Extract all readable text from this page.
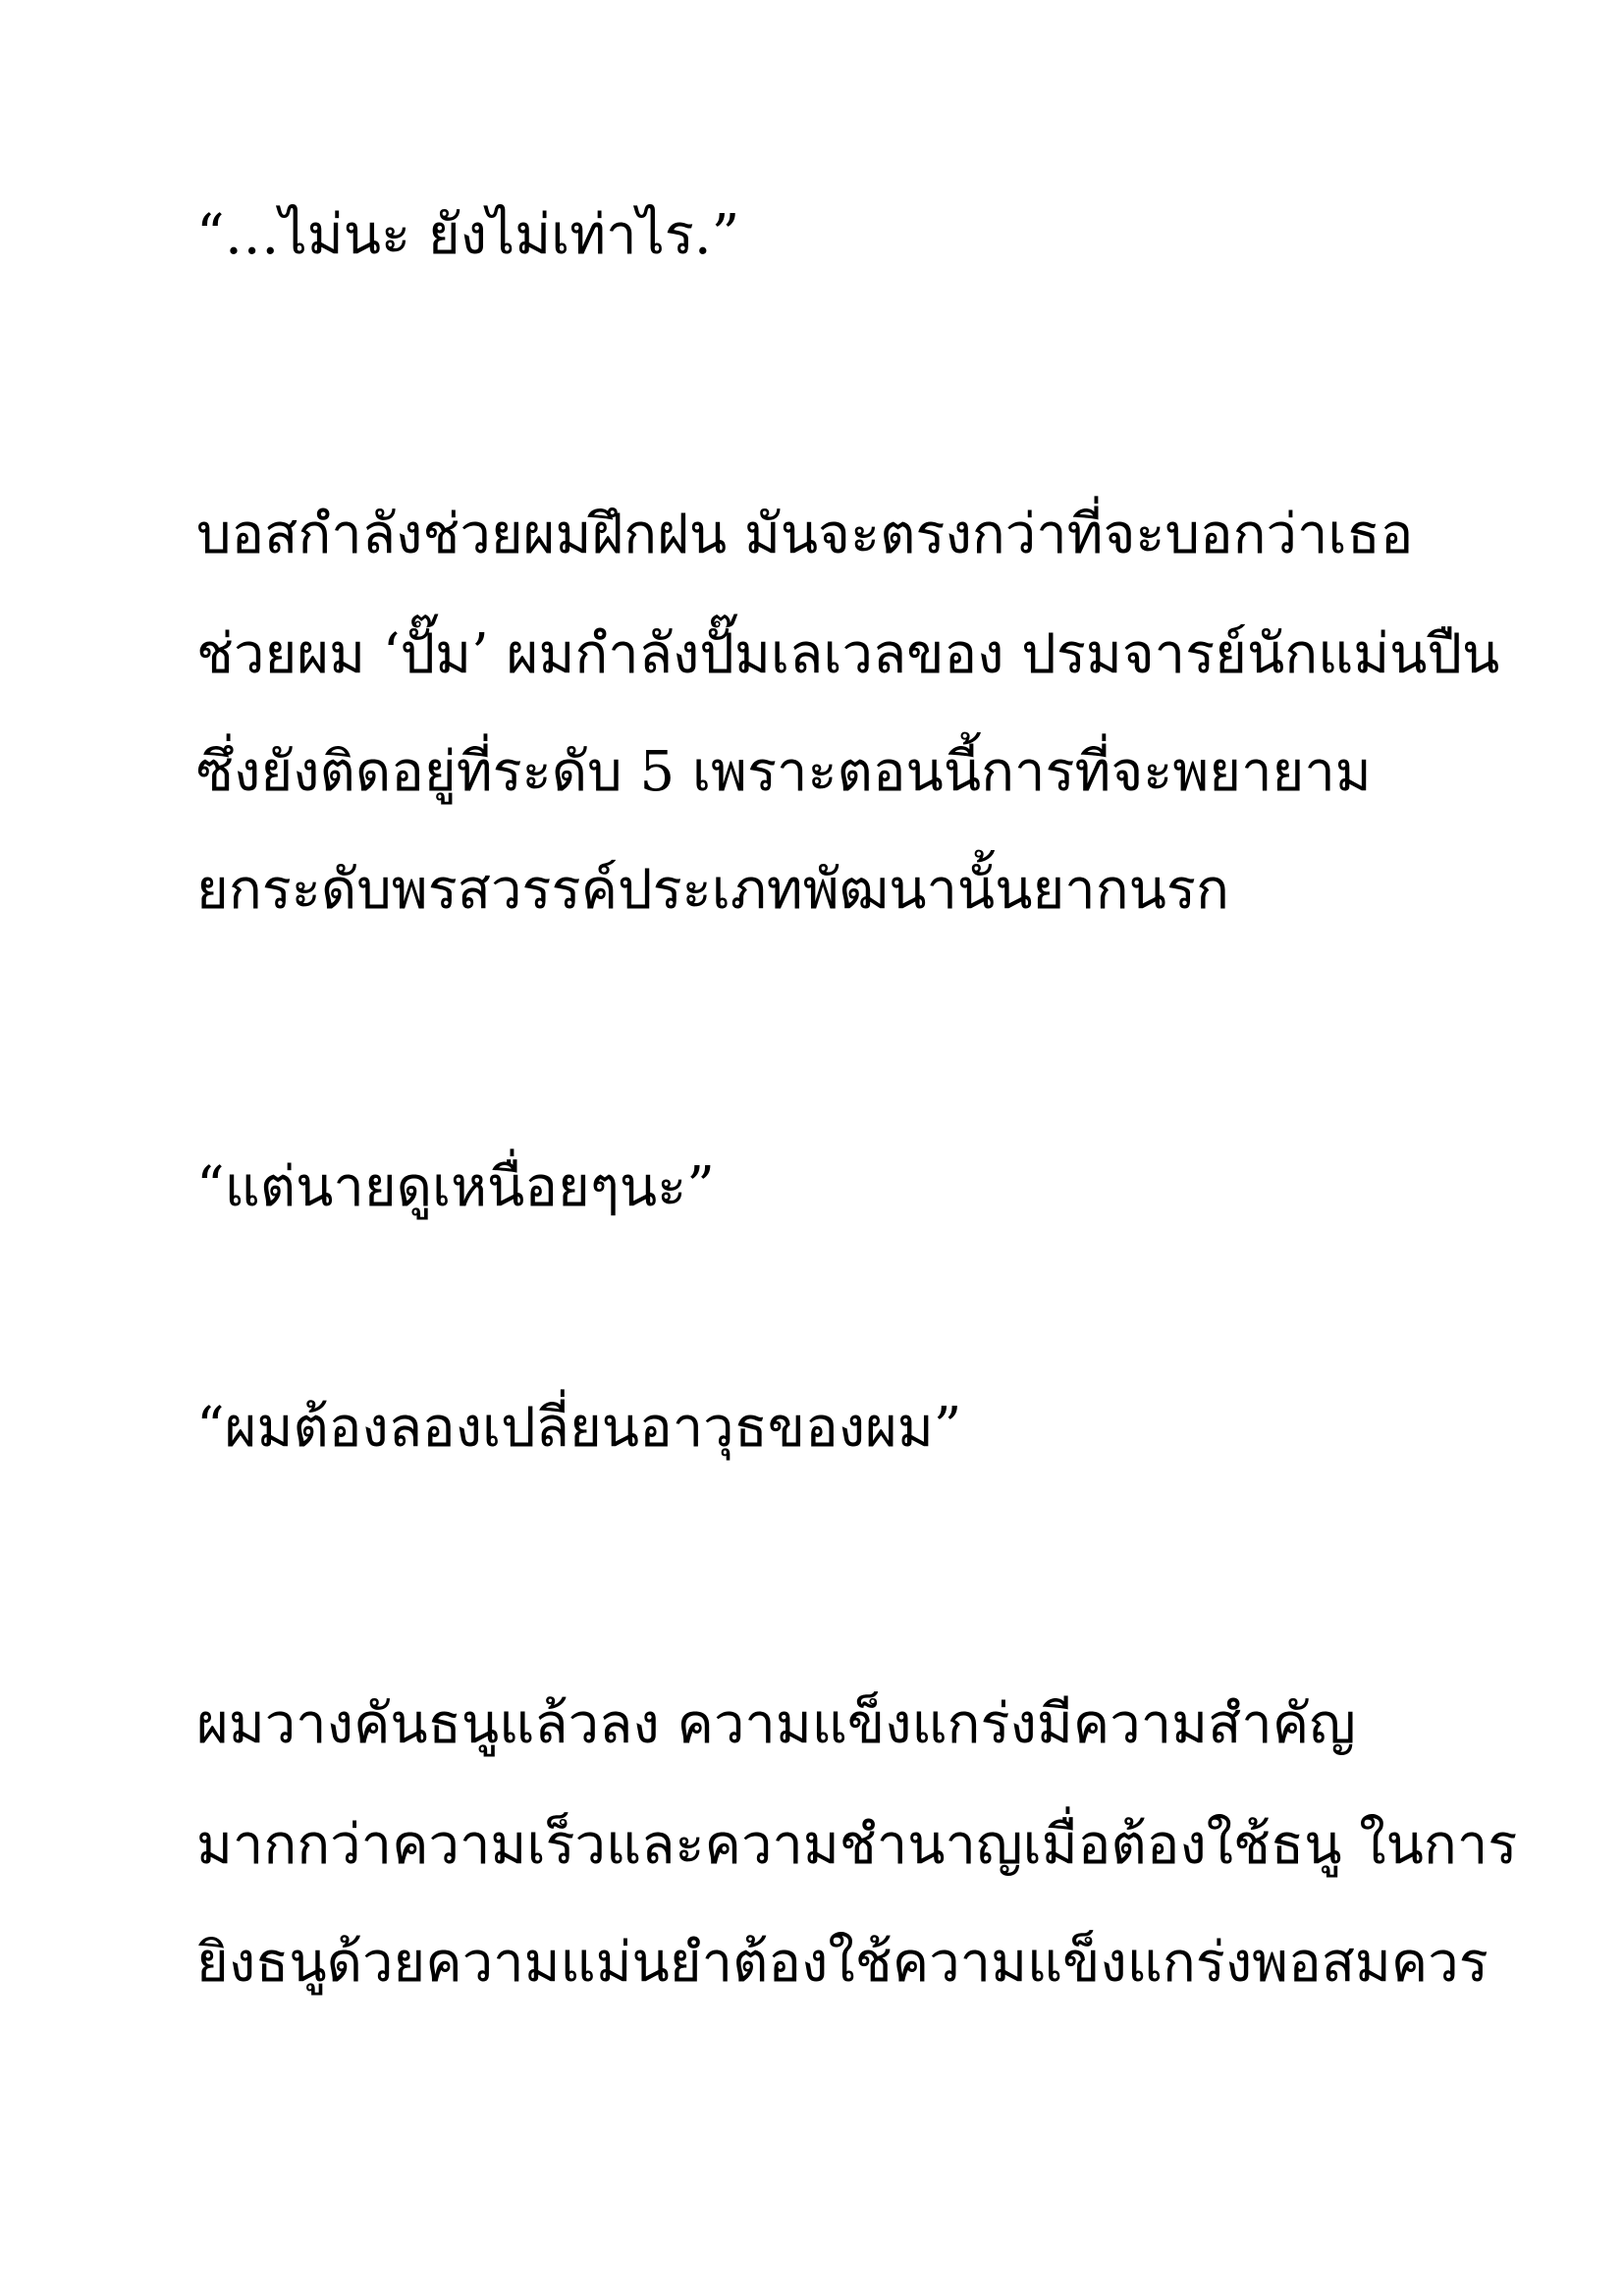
“…ไม่นะ ยังไม่เท่าไร.”

บอสกำลังช่วยผมฝึกฝน มันจะตรงกว่าที่จะบอกว่าเธอ

ช่วยผม ‘ปั๊ม’ ผมกำลังปั๊มเลเวลของ ปรมจารย์นักแม่นปืน

ซึ่งยังติดอยู่ที่ระดับ 5 เพราะตอนนี้การที่จะพยายาม

ยกระดับพรสวรรค์ประเภทพัฒนานั้นยากนรก

“แต่นายดูเหนื่อยๆนะ”

“ผมต้องลองเปลี่ยนอาวุธของผม”

ผมวางคันธนูแล้วลง ความแข็งแกร่งมีความสำคัญ

มากกว่าความเร็วและความชำนาญเมื่อต้องใช้ธนู ในการ

ยิงธนูด้วยความแม่นยำต้องใช้ความแข็งแกร่งพอสมควร
